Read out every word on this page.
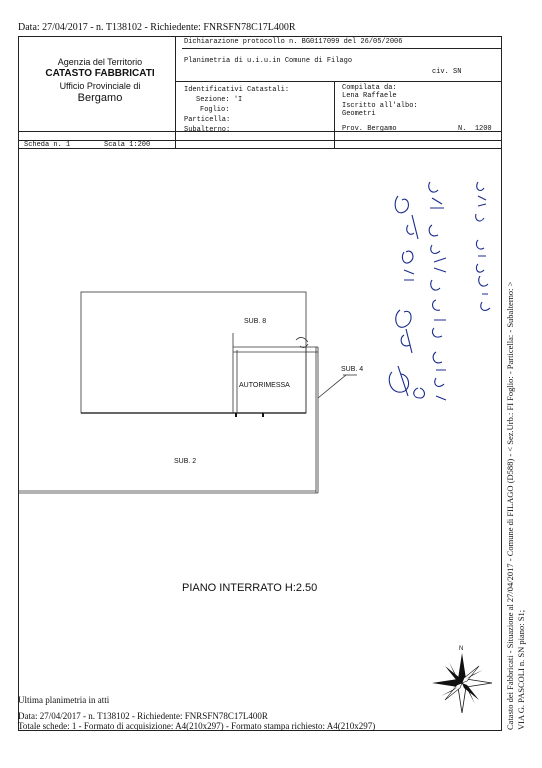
Data: 27/04/2017 - n. T138102 - Richiedente: FNRSFN78C17L400R
Agenzia del Territorio
CATASTO FABBRICATI
Ufficio Provinciale di
Bergamo
Dichiarazione protocollo n. BG0117099 del 26/05/2006
Planimetria di u.i.u.in Comune di Filago
civ. SN
Identificativi Catastali:
Sezione: ʹI
Foglio:
Particella:
Subalterno:
Compilata da:
Lena Raffaele
Iscritto all'albo:
Geometri
Prov. Bergamo	N. 1200
Scheda n. 1	Scala 1:200
SUB. 8
AUTORIMESSA
SUB. 4
SUB. 2
PIANO INTERRATO H:2.50
N	Catasto dei Fabbricati - Situazione al 27/04/2017 - Comune di FILAGO (D588) - < Sez.Urb.: FI Foglio: - Particella: - Subalterno: > VIA G. PASCOLI n. SN piano: S1;
Ultima planimetria in atti
Data: 27/04/2017 - n. T138102 - Richiedente: FNRSFN78C17L400R
Totale schede: 1 - Formato di acquisizione: A4(210x297) - Formato stampa richiesto: A4(210x297)
